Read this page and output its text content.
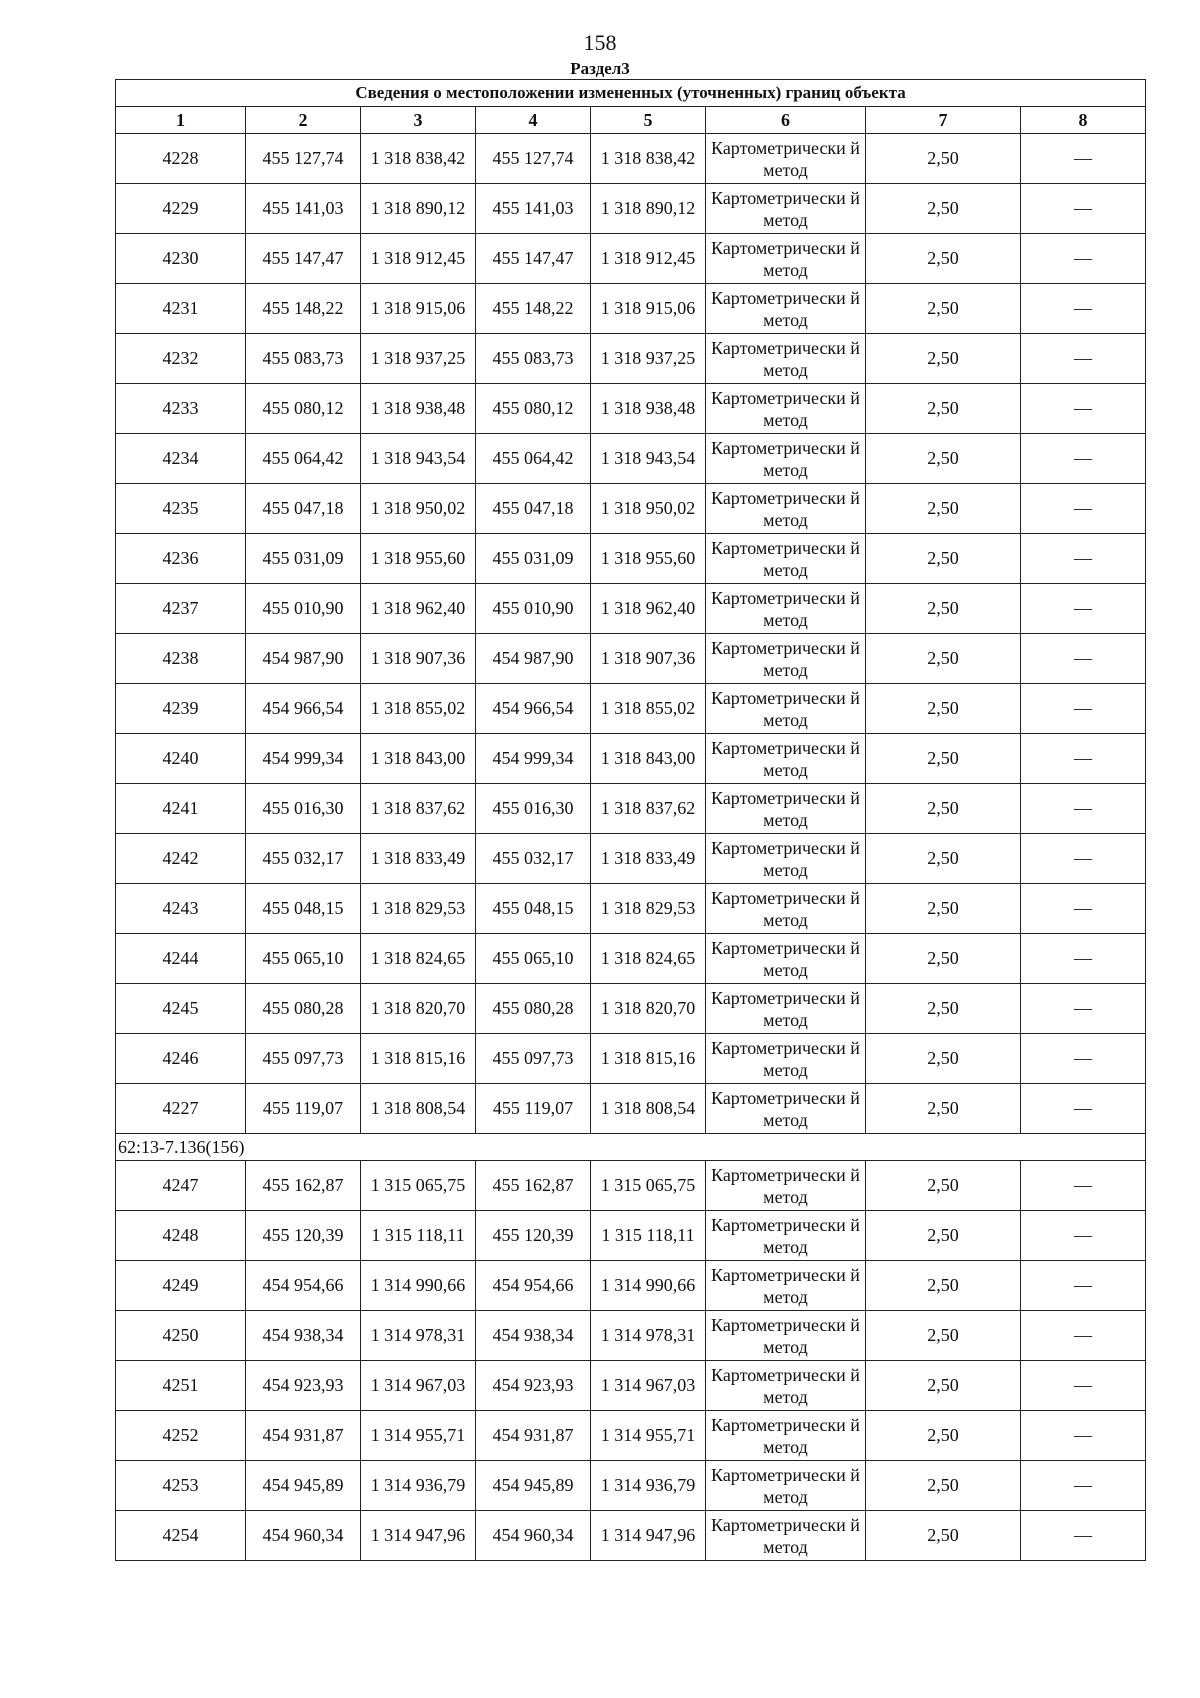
158
Раздел3
Сведения о местоположении измененных (уточненных) границ объекта							
1	2	3	4	5	6	7	8
4228	455 127,74	1 318 838,42	455 127,74	1 318 838,42	Картометрически й метод	2,50	—
4229	455 141,03	1 318 890,12	455 141,03	1 318 890,12	Картометрически й метод	2,50	—
4230	455 147,47	1 318 912,45	455 147,47	1 318 912,45	Картометрически й метод	2,50	—
4231	455 148,22	1 318 915,06	455 148,22	1 318 915,06	Картометрически й метод	2,50	—
4232	455 083,73	1 318 937,25	455 083,73	1 318 937,25	Картометрически й метод	2,50	—
4233	455 080,12	1 318 938,48	455 080,12	1 318 938,48	Картометрически й метод	2,50	—
4234	455 064,42	1 318 943,54	455 064,42	1 318 943,54	Картометрически й метод	2,50	—
4235	455 047,18	1 318 950,02	455 047,18	1 318 950,02	Картометрически й метод	2,50	—
4236	455 031,09	1 318 955,60	455 031,09	1 318 955,60	Картометрически й метод	2,50	—
4237	455 010,90	1 318 962,40	455 010,90	1 318 962,40	Картометрически й метод	2,50	—
4238	454 987,90	1 318 907,36	454 987,90	1 318 907,36	Картометрически й метод	2,50	—
4239	454 966,54	1 318 855,02	454 966,54	1 318 855,02	Картометрически й метод	2,50	—
4240	454 999,34	1 318 843,00	454 999,34	1 318 843,00	Картометрически й метод	2,50	—
4241	455 016,30	1 318 837,62	455 016,30	1 318 837,62	Картометрически й метод	2,50	—
4242	455 032,17	1 318 833,49	455 032,17	1 318 833,49	Картометрически й метод	2,50	—
4243	455 048,15	1 318 829,53	455 048,15	1 318 829,53	Картометрически й метод	2,50	—
4244	455 065,10	1 318 824,65	455 065,10	1 318 824,65	Картометрически й метод	2,50	—
4245	455 080,28	1 318 820,70	455 080,28	1 318 820,70	Картометрически й метод	2,50	—
4246	455 097,73	1 318 815,16	455 097,73	1 318 815,16	Картометрически й метод	2,50	—
4227	455 119,07	1 318 808,54	455 119,07	1 318 808,54	Картометрически й метод	2,50	—
62:13-7.136(156)							
4247	455 162,87	1 315 065,75	455 162,87	1 315 065,75	Картометрически й метод	2,50	—
4248	455 120,39	1 315 118,11	455 120,39	1 315 118,11	Картометрически й метод	2,50	—
4249	454 954,66	1 314 990,66	454 954,66	1 314 990,66	Картометрически й метод	2,50	—
4250	454 938,34	1 314 978,31	454 938,34	1 314 978,31	Картометрически й метод	2,50	—
4251	454 923,93	1 314 967,03	454 923,93	1 314 967,03	Картометрически й метод	2,50	—
4252	454 931,87	1 314 955,71	454 931,87	1 314 955,71	Картометрически й метод	2,50	—
4253	454 945,89	1 314 936,79	454 945,89	1 314 936,79	Картометрически й метод	2,50	—
4254	454 960,34	1 314 947,96	454 960,34	1 314 947,96	Картометрически й метод	2,50	—
